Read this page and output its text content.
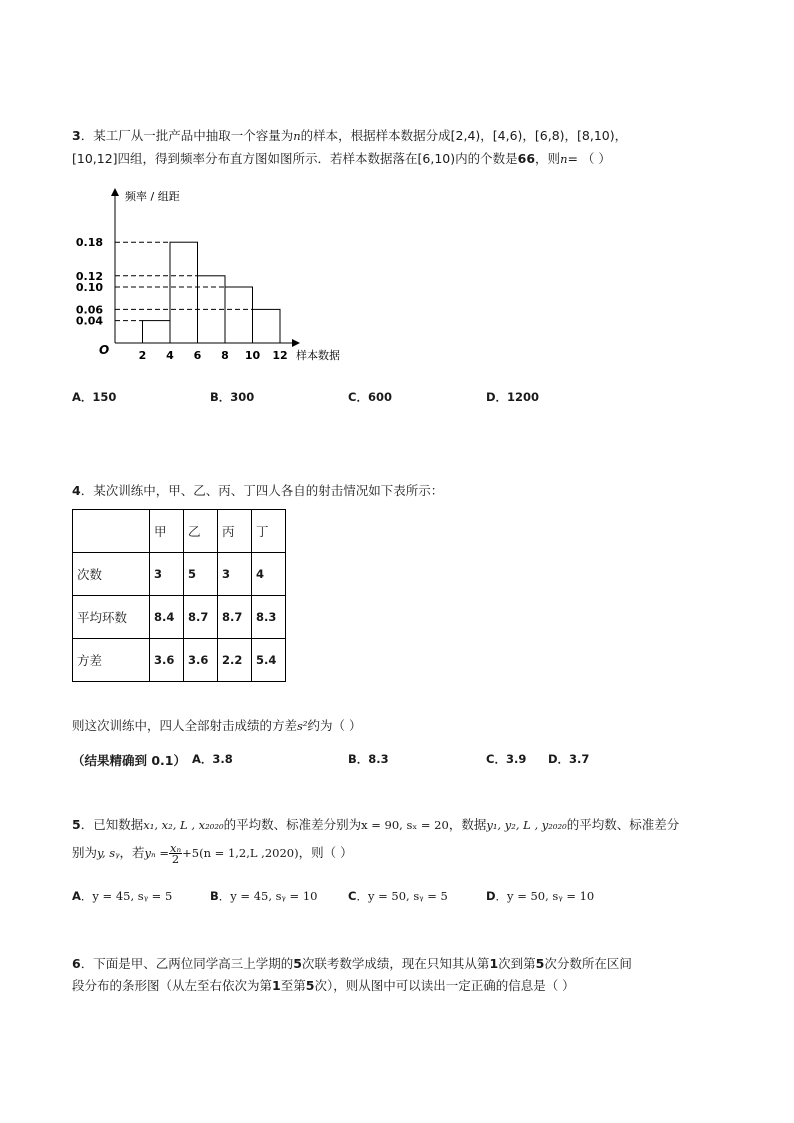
3．某工厂从一批产品中抽取一个容量为n的样本，根据样本数据分成[2,4)，[4,6)，[6,8)，[8,10)，
[10,12]四组，得到频率分布直方图如图所示．若样本数据落在[6,10)内的个数是66，则n= （ ）
频率 / 组距
样本数据
O
0.18
0.12
0.10
0.06
0.04
2 4 6 8 10 12
A．150	B．300	C．600	D．1200
4．某次训练中，甲、乙、丙、丁四人各自的射击情况如下表所示：
	甲	乙	丙	丁
次数	3	5	3	4
平均环数	8.4	8.7	8.7	8.3
方差	3.6	3.6	2.2	5.4
则这次训练中，四人全部射击成绩的方差s²约为（ ）
（结果精确到 0.1） A．3.8	B．8.3	C．3.9 D．3.7
5．已知数据x₁, x₂, L , x₂₀₂₀的平均数、标准差分别为x = 90, sₓ = 20，数据y₁, y₂, L , y₂₀₂₀的平均数、标准差分
别为y, sᵧ，若$y_n = \frac{\text{xₙ}}{2} +5(n = 1,2,L$ ,2020)，则（ ）
A．y = 45, sᵧ = 5	B．y = 45, sᵧ = 10	C．y = 50, sᵧ = 5	D．y = 50, sᵧ = 10
6．下面是甲、乙两位同学高三上学期的5次联考数学成绩，现在只知其从第1次到第5次分数所在区间
段分布的条形图（从左至右依次为第1至第5次），则从图中可以读出一定正确的信息是（ ）
